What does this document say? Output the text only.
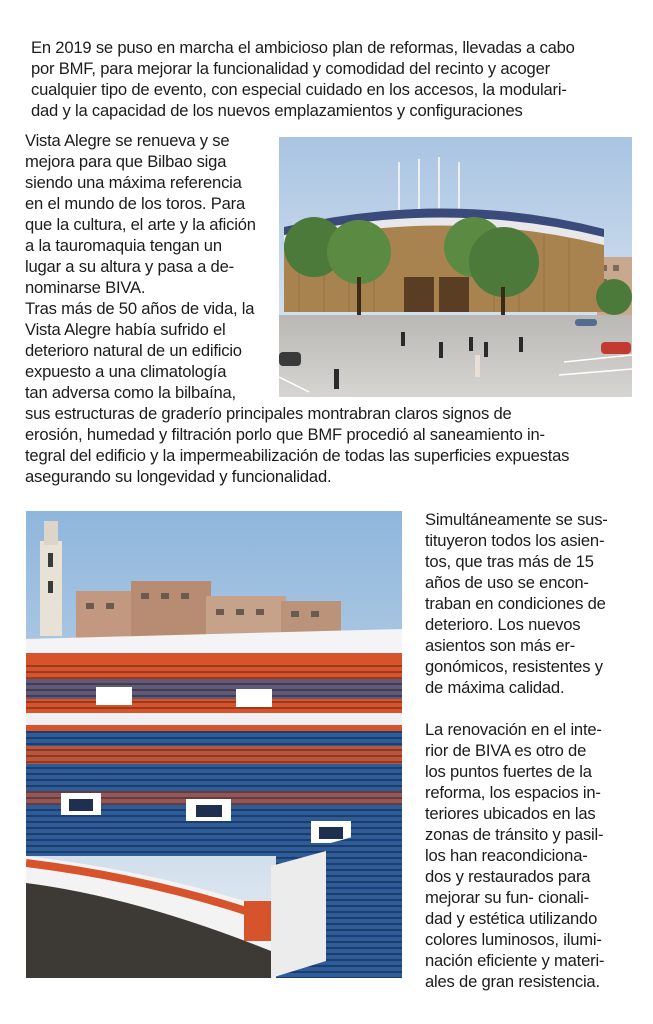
En 2019 se puso en marcha el ambicioso plan de reformas, llevadas a cabo
por BMF, para mejorar la funcionalidad y comodidad del recinto y acoger
cualquier tipo de evento, con especial cuidado en los accesos, la modulari-
dad y la capacidad de los nuevos emplazamientos y configuraciones
Vista Alegre se renueva y se
mejora para que Bilbao siga
siendo una máxima referencia
en el mundo de los toros. Para
que la cultura, el arte y la afición
a la tauromaquia tengan un
lugar a su altura y pasa a de-
nominarse BIVA.
Tras más de 50 años de vida, la
Vista Alegre había sufrido el
deterioro natural de un edificio
expuesto a una climatología
tan adversa como la bilbaína,
sus estructuras de graderío principales montrabran claros signos de
erosión, humedad y filtración porlo que BMF procedió al saneamiento in-
tegral del edificio y la impermeabilización de todas las superficies expuestas
asegurando su longevidad y funcionalidad.
Simultáneamente se sus-
tituyeron todos los asien-
tos, que tras más de 15
años de uso se encon-
traban en condiciones de
deterioro. Los nuevos
asientos son más er-
gonómicos, resistentes y
de máxima calidad.
La renovación en el inte-
rior de BIVA es otro de
los puntos fuertes de la
reforma, los espacios in-
teriores ubicados en las
zonas de tránsito y pasil-
los han reacondiciona-
dos y restaurados para
mejorar su fun- cionali-
dad y estética utilizando
colores luminosos, ilumi-
nación eficiente y materi-
ales de gran resistencia.
